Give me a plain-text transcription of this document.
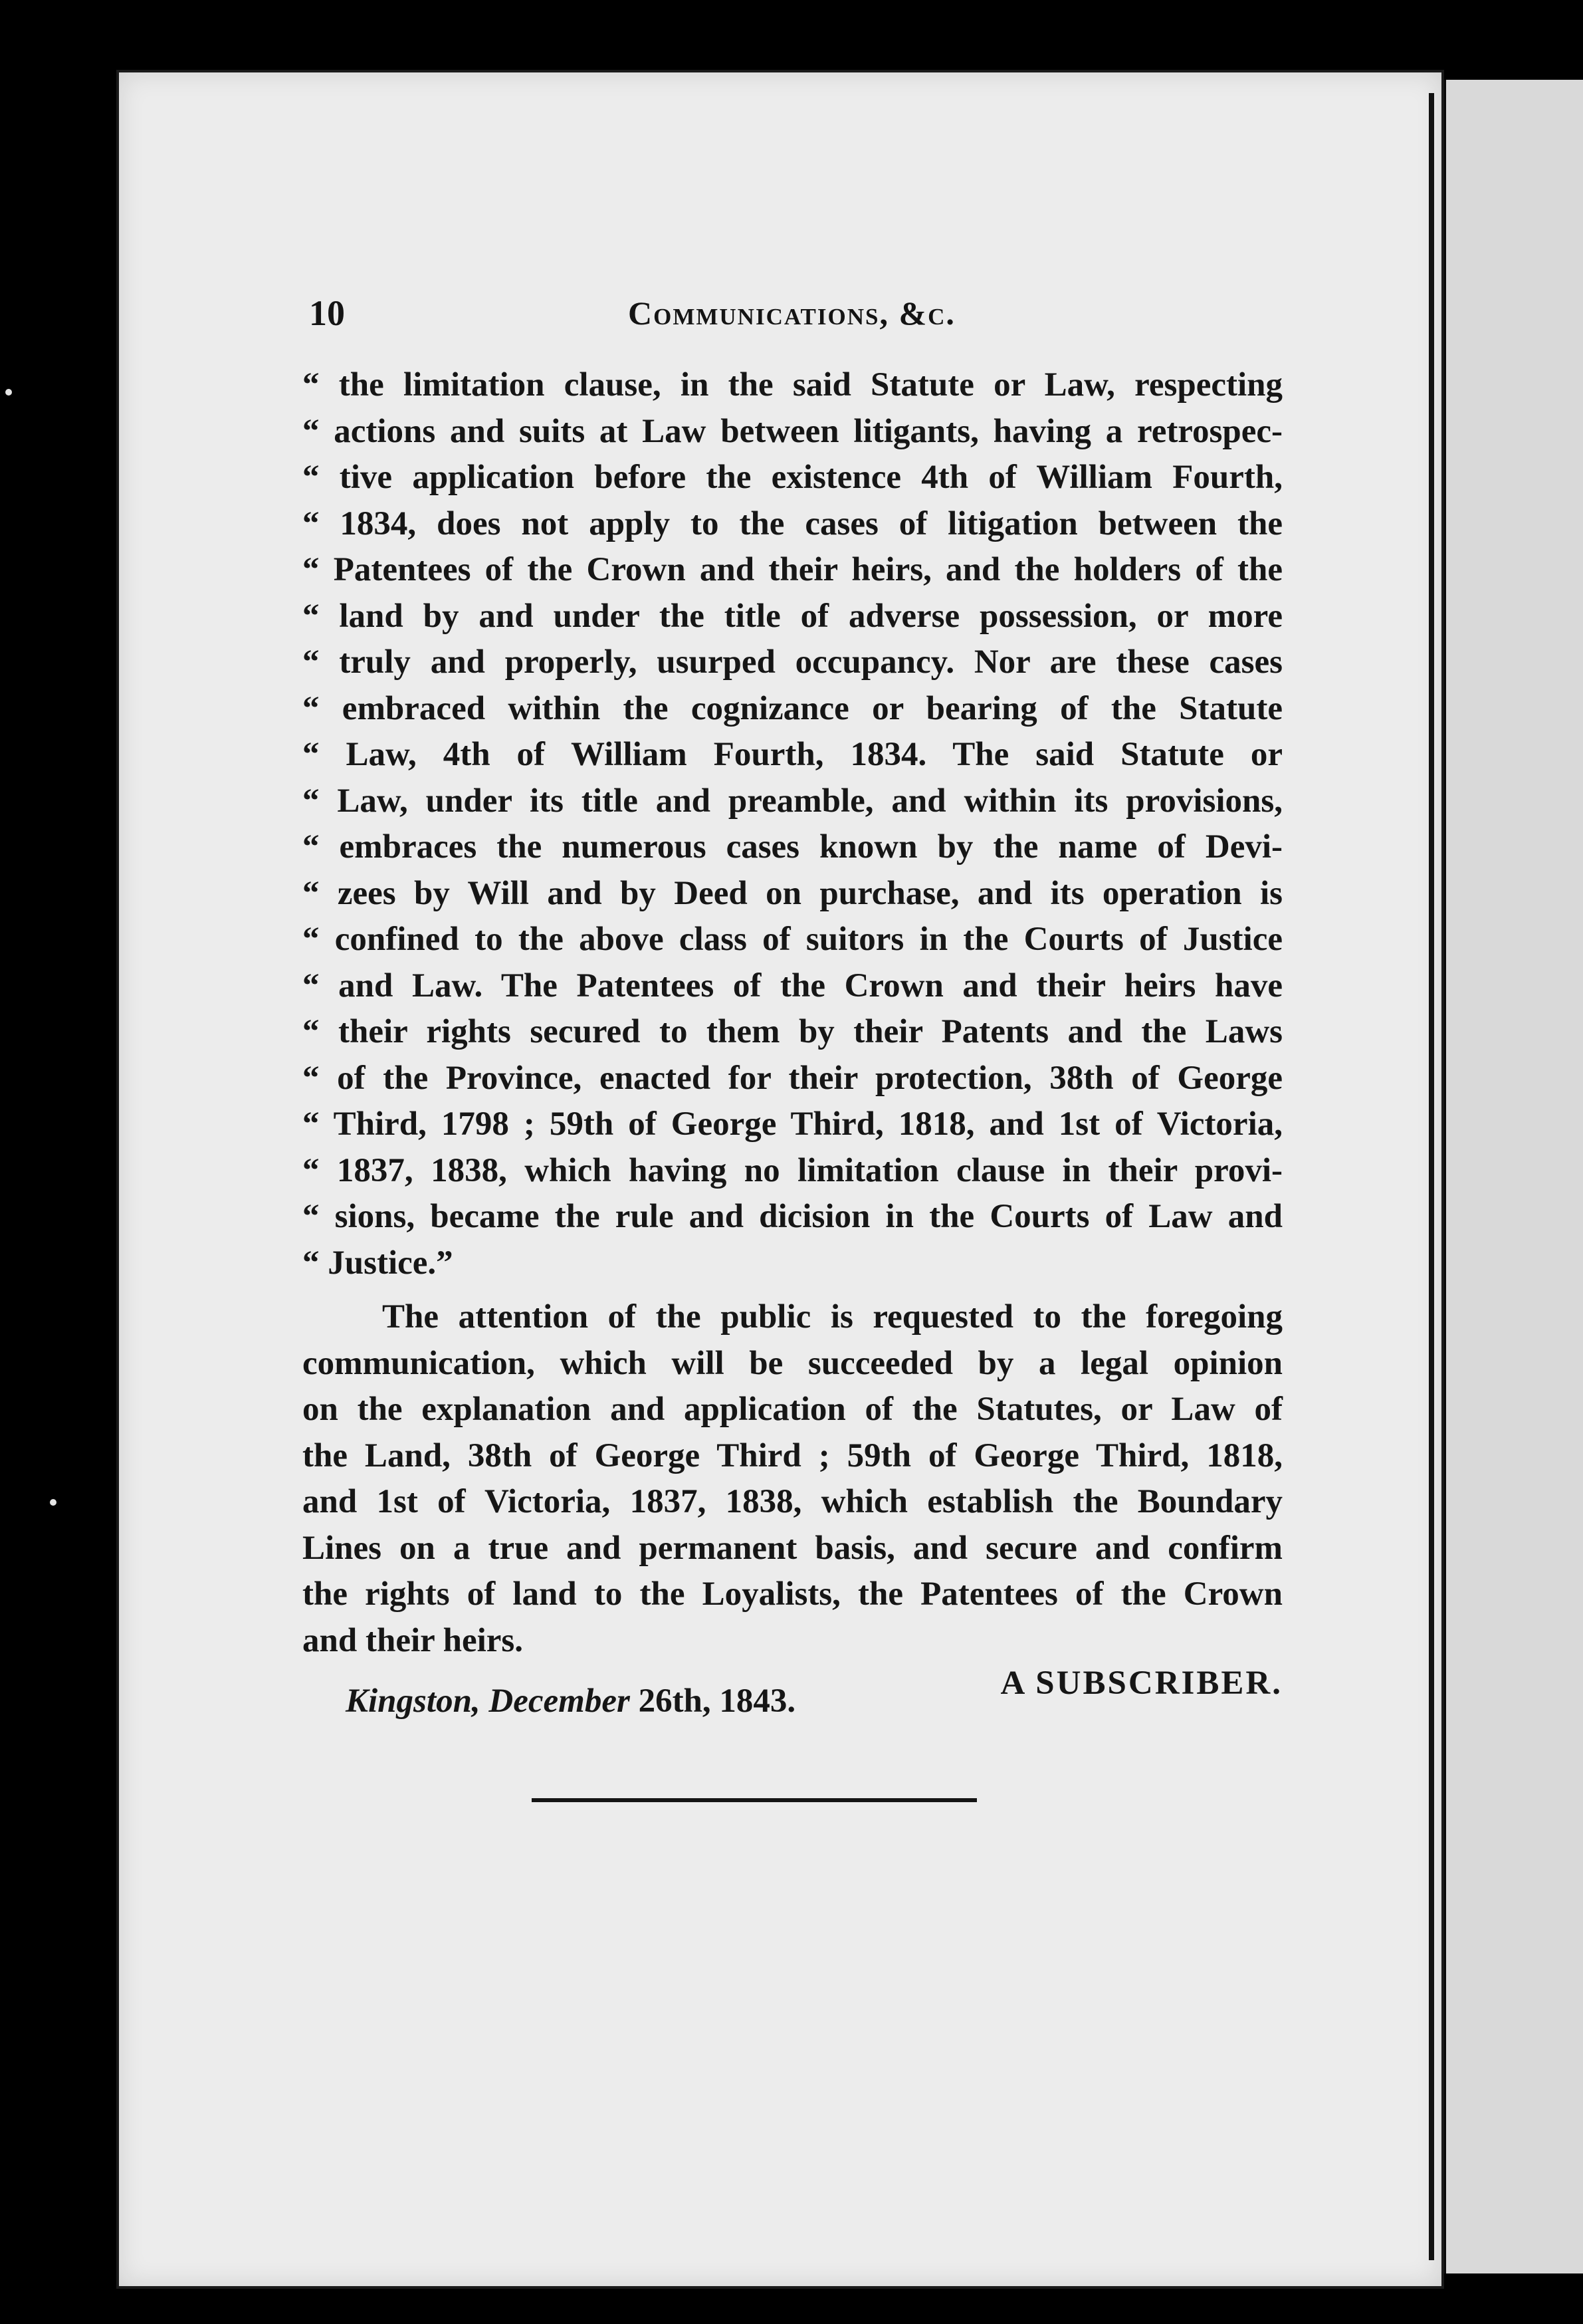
10	Communications, &c.
“ the limitation clause, in the said Statute or Law, respecting
“ actions and suits at Law between litigants, having a retrospec-
“ tive application before the existence 4th of William Fourth,
“ 1834, does not apply to the cases of litigation between the
“ Patentees of the Crown and their heirs, and the holders of the
“ land by and under the title of adverse possession, or more
“ truly and properly, usurped occupancy. Nor are these cases
“ embraced within the cognizance or bearing of the Statute
“ Law, 4th of William Fourth, 1834. The said Statute or
“ Law, under its title and preamble, and within its provisions,
“ embraces the numerous cases known by the name of Devi-
“ zees by Will and by Deed on purchase, and its operation is
“ confined to the above class of suitors in the Courts of Justice
“ and Law. The Patentees of the Crown and their heirs have
“ their rights secured to them by their Patents and the Laws
“ of the Province, enacted for their protection, 38th of George
“ Third, 1798 ; 59th of George Third, 1818, and 1st of Victoria,
“ 1837, 1838, which having no limitation clause in their provi-
“ sions, became the rule and dicision in the Courts of Law and
“ Justice.”
The attention of the public is requested to the foregoing
communication, which will be succeeded by a legal opinion
on the explanation and application of the Statutes, or Law of
the Land, 38th of George Third ; 59th of George Third, 1818,
and 1st of Victoria, 1837, 1838, which establish the Boundary
Lines on a true and permanent basis, and secure and confirm
the rights of land to the Loyalists, the Patentees of the Crown
and their heirs.
A SUBSCRIBER.
Kingston, December 26th, 1843.
